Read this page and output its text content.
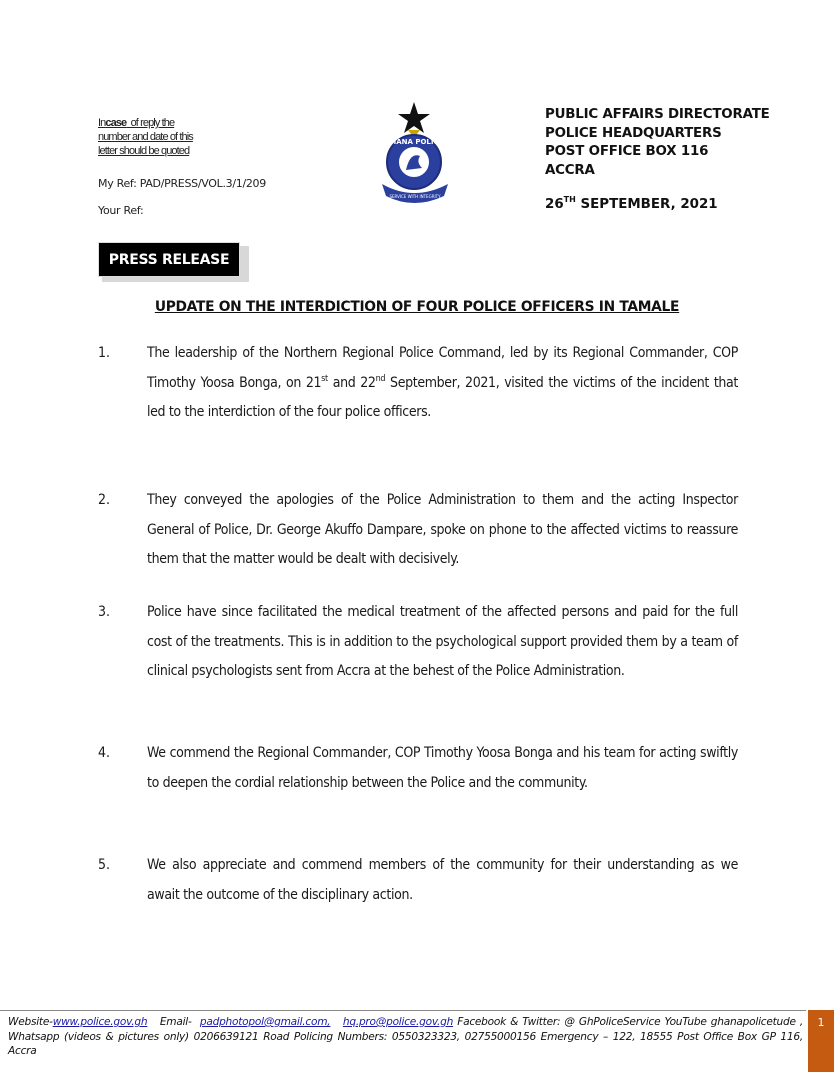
Incase of reply the
number and date of this
letter should be quoted
My Ref: PAD/PRESS/VOL.3/1/209
Your Ref:
GHANA POLICE
SERVICE WITH INTEGRITY
PUBLIC AFFAIRS DIRECTORATE
POLICE HEADQUARTERS
POST OFFICE BOX 116
ACCRA
26TH SEPTEMBER, 2021
PRESS RELEASE
UPDATE ON THE INTERDICTION OF FOUR POLICE OFFICERS IN TAMALE
1.	The leadership of the Northern Regional Police Command, led by its Regional Commander, COP Timothy Yoosa Bonga, on 21st and 22nd September, 2021, visited the victims of the incident that led to the interdiction of the four police officers.
2.	They conveyed the apologies of the Police Administration to them and the acting Inspector General of Police, Dr. George Akuffo Dampare, spoke on phone to the affected victims to reassure them that the matter would be dealt with decisively.
3.	Police have since facilitated the medical treatment of the affected persons and paid for the full cost of the treatments. This is in addition to the psychological support provided them by a team of clinical psychologists sent from Accra at the behest of the Police Administration.
4.	We commend the Regional Commander, COP Timothy Yoosa Bonga and his team for acting swiftly to deepen the cordial relationship between the Police and the community.
5.	We also appreciate and commend members of the community for their understanding as we await the outcome of the disciplinary action.
Website-www.police.gov.gh Email- padphotopol@gmail.com, hq.pro@police.gov.gh Facebook & Twitter: @ GhPoliceService YouTube ghanapolicetude , Whatsapp (videos & pictures only) 0206639121 Road Policing Numbers: 0550323323, 02755000156 Emergency – 122, 18555 Post Office Box GP 116, Accra
1
